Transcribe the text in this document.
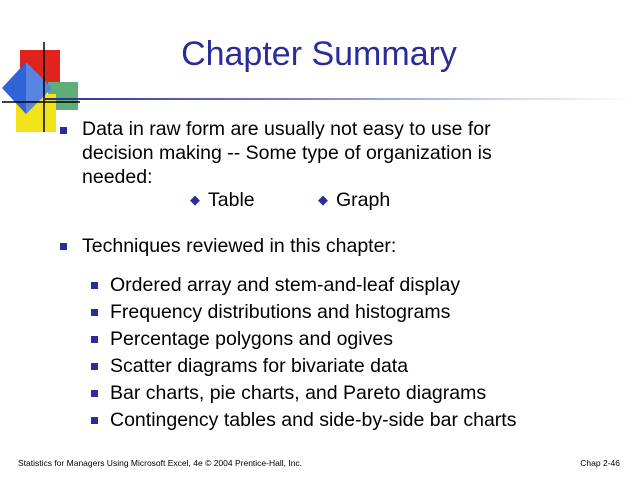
Chapter Summary
Data in raw form are usually not easy to use for decision making -- Some type of organization is needed:
◆ Table	◆ Graph
Techniques reviewed in this chapter:
Ordered array and stem-and-leaf display
Frequency distributions and histograms
Percentage polygons and ogives
Scatter diagrams for bivariate data
Bar charts, pie charts, and Pareto diagrams
Contingency tables and side-by-side bar charts
Statistics for Managers Using Microsoft Excel, 4e © 2004 Prentice-Hall, Inc.	Chap 2-46
